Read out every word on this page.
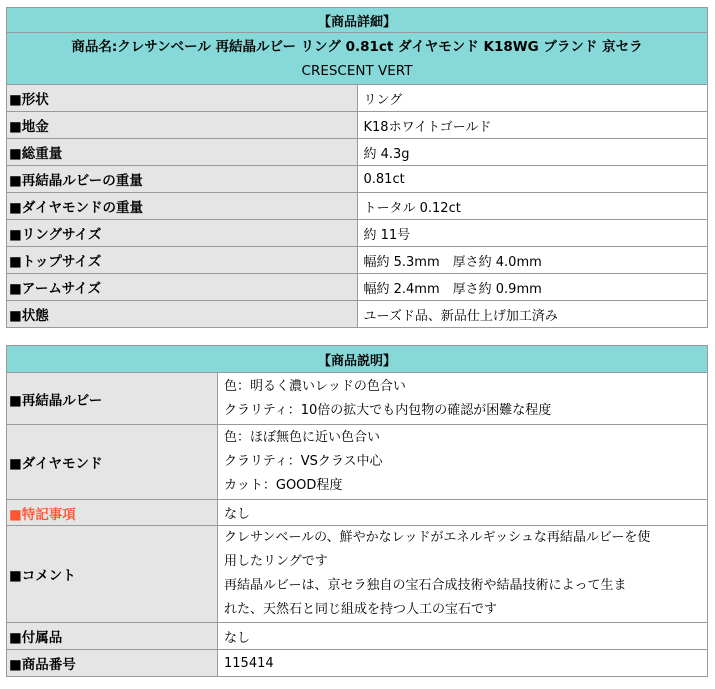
【商品詳細】	

商品名:クレサンベール 再結晶ルビー リング 0.81ct ダイヤモンド K18WG ブランド 京セラ
CRESCENT VERT	

■形状	リング
■地金	K18ホワイトゴールド
■総重量	約 4.3g
■再結晶ルビーの重量	0.81ct
■ダイヤモンドの重量	トータル 0.12ct
■リングサイズ	約 11号
■トップサイズ	幅約 5.3mm　厚さ約 4.0mm
■アームサイズ	幅約 2.4mm　厚さ約 0.9mm
■状態	ユーズド品、新品仕上げ加工済み
【商品説明】	
■再結晶ルビー	色：明るく濃いレッドの色合い
クラリティ：10倍の拡大でも内包物の確認が困難な程度

■ダイヤモンド	色：ほぼ無色に近い色合い
クラリティ：VSクラス中心
カット：GOOD程度

■特記事項	なし
■コメント	クレサンベールの、鮮やかなレッドがエネルギッシュな再結晶ルビーを使
用したリングです
再結晶ルビーは、京セラ独自の宝石合成技術や結晶技術によって生ま
れた、天然石と同じ組成を持つ人工の宝石です

■付属品	なし
■商品番号	115414
